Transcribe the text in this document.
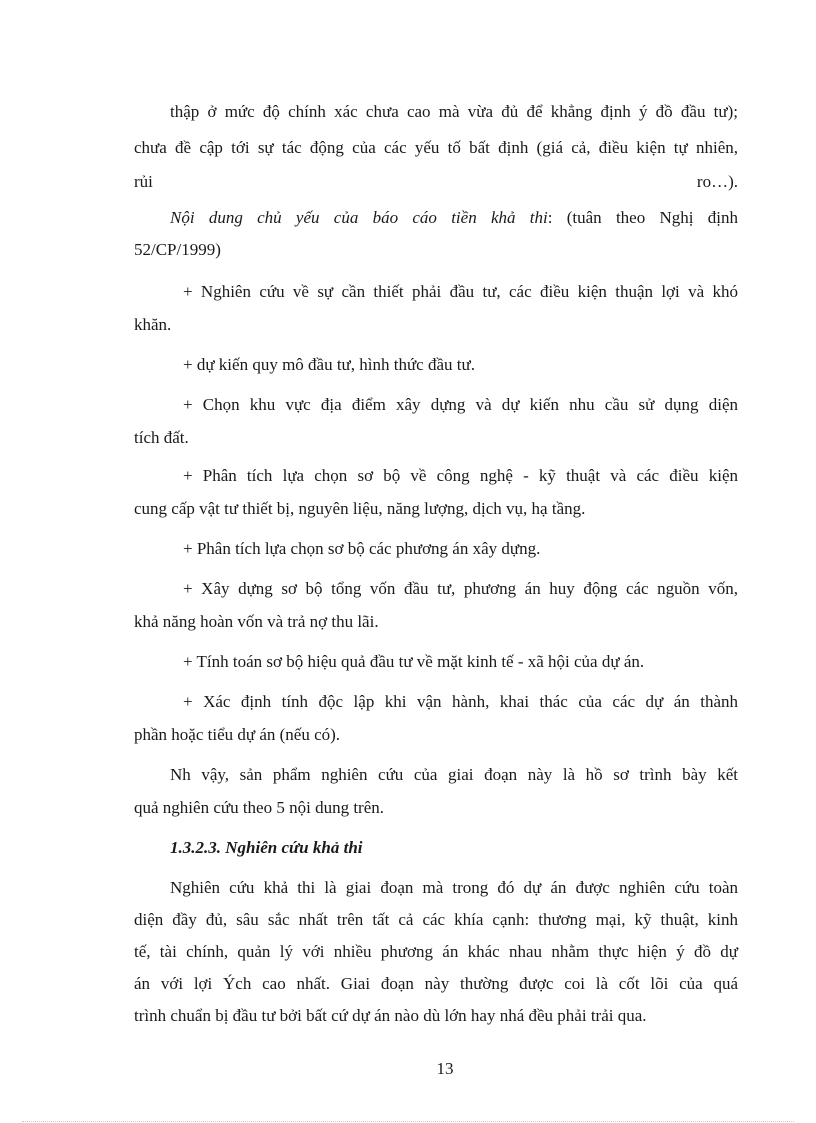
thập ở mức độ chính xác chưa cao mà vừa đủ để khẳng định ý đồ đầu tư);
chưa đề cập tới sự tác động của các yếu tố bất định (giá cả, điều kiện tự nhiên,
rủi	ro…).
Nội dung chủ yếu của báo cáo tiền khả thi: (tuân theo Nghị định
52/CP/1999)
+ Nghiên cứu về sự cần thiết phải đầu tư, các điều kiện thuận lợi và khó
khăn.
+ dự kiến quy mô đầu tư, hình thức đầu tư.
+ Chọn khu vực địa điểm xây dựng và dự kiến nhu cầu sử dụng diện
tích đất.
+ Phân tích lựa chọn sơ bộ về công nghệ - kỹ thuật và các điều kiện
cung cấp vật tư thiết bị, nguyên liệu, năng lượng, dịch vụ, hạ tầng.
+ Phân tích lựa chọn sơ bộ các phương án xây dựng.
+ Xây dựng sơ bộ tổng vốn đầu tư, phương án huy động các nguồn vốn,
khả năng hoàn vốn và trả nợ thu lãi.
+ Tính toán sơ bộ hiệu quả đầu tư về mặt kinh tế - xã hội của dự án.
+ Xác định tính độc lập khi vận hành, khai thác của các dự án thành
phần hoặc tiểu dự án (nếu có).
Nh vậy, sản phẩm nghiên cứu của giai đoạn này là hồ sơ trình bày kết
quả nghiên cứu theo 5 nội dung trên.
1.3.2.3. Nghiên cứu khả thi
Nghiên cứu khả thi là giai đoạn mà trong đó dự án được nghiên cứu toàn
diện đầy đủ, sâu sắc nhất trên tất cả các khía cạnh: thương mại, kỹ thuật, kinh
tế, tài chính, quản lý với nhiều phương án khác nhau nhằm thực hiện ý đồ dự
án với lợi Ých cao nhất. Giai đoạn này thường được coi là cốt lõi của quá
trình chuẩn bị đầu tư bởi bất cứ dự án nào dù lớn hay nhá đều phải trải qua.
13
